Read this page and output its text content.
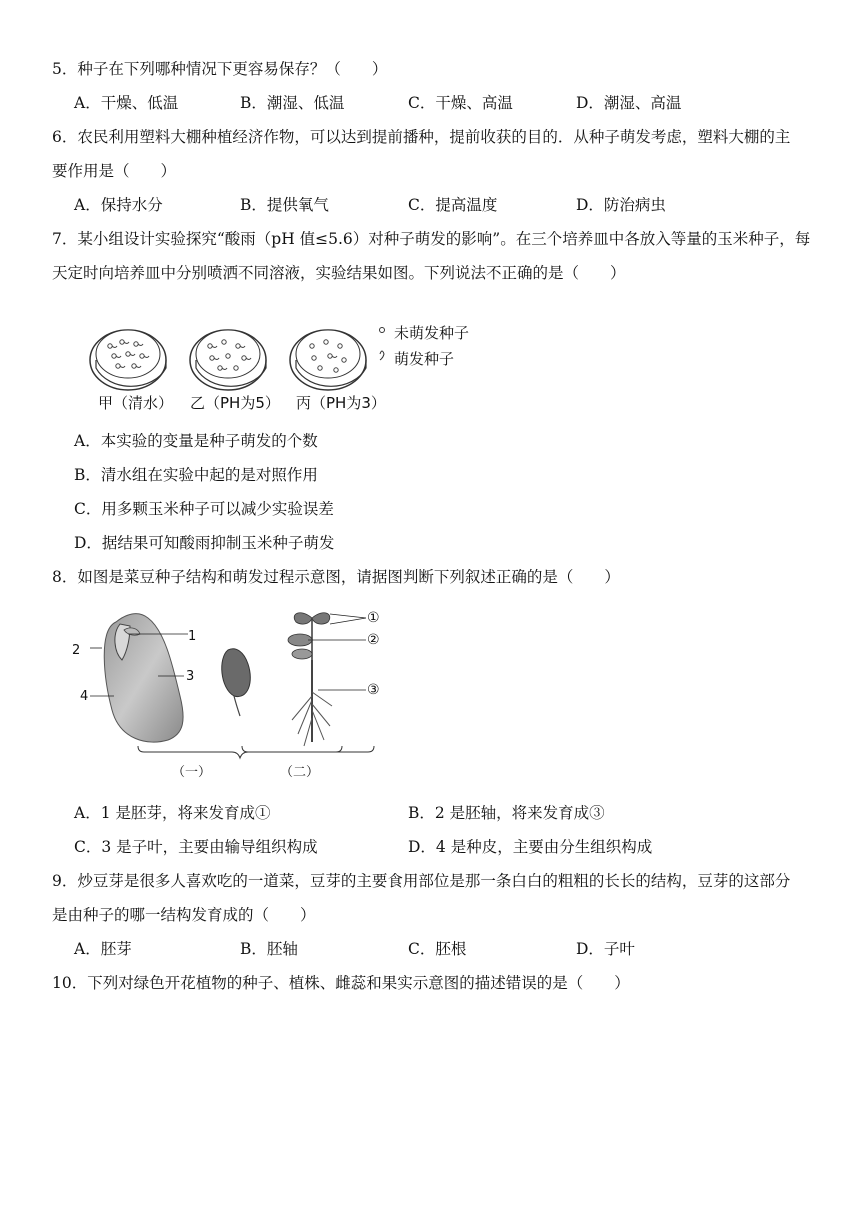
5．种子在下列哪种情况下更容易保存？（　　）
A．干燥、低温	B．潮湿、低温	C．干燥、高温	D．潮湿、高温
6．农民利用塑料大棚种植经济作物，可以达到提前播种，提前收获的目的．从种子萌发考虑，塑料大棚的主
要作用是（　　）
A．保持水分	B．提供氧气	C．提高温度	D．防治病虫
7．某小组设计实验探究“酸雨（pH 值≤5.6）对种子萌发的影响”。在三个培养皿中各放入等量的玉米种子，每
天定时向培养皿中分别喷洒不同溶液，实验结果如图。下列说法不正确的是（　　）
未萌发种子
萌发种子
甲（清水） 乙（PH为5） 丙（PH为3）
A．本实验的变量是种子萌发的个数
B．清水组在实验中起的是对照作用
C．用多颗玉米种子可以减少实验误差
D．据结果可知酸雨抑制玉米种子萌发
8．如图是菜豆种子结构和萌发过程示意图，请据图判断下列叙述正确的是（　　）
1
2
3
4
①
②
③
（一）	（二）
A．1 是胚芽，将来发育成①	B．2 是胚轴，将来发育成③
C．3 是子叶，主要由输导组织构成	D．4 是种皮，主要由分生组织构成
9．炒豆芽是很多人喜欢吃的一道菜，豆芽的主要食用部位是那一条白白的粗粗的长长的结构，豆芽的这部分
是由种子的哪一结构发育成的（　　）
A．胚芽	B．胚轴	C．胚根	D．子叶
10．下列对绿色开花植物的种子、植株、雌蕊和果实示意图的描述错误的是（　　）
